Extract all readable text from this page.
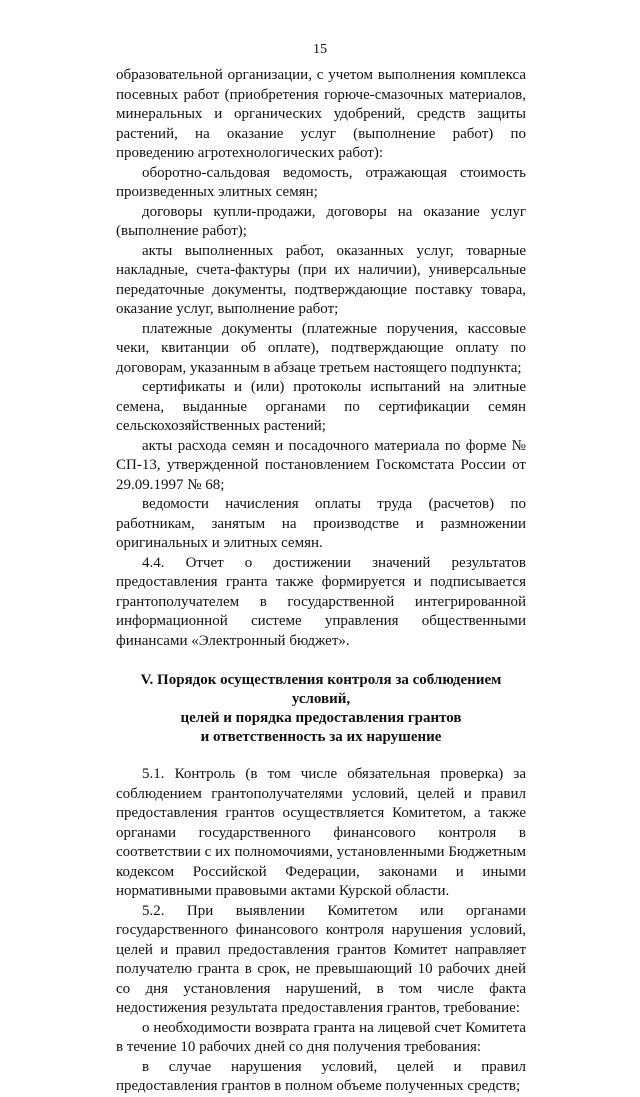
15

образовательной организации, с учетом выполнения комплекса посевных работ (приобретения горюче-смазочных материалов, минеральных и органических удобрений, средств защиты растений, на оказание услуг (выполнение работ) по проведению агротехнологических работ):

оборотно-сальдовая ведомость, отражающая стоимость произведенных элитных семян;

договоры купли-продажи, договоры на оказание услуг (выполнение работ);

акты выполненных работ, оказанных услуг, товарные накладные, счета-фактуры (при их наличии), универсальные передаточные документы, подтверждающие поставку товара, оказание услуг, выполнение работ;

платежные документы (платежные поручения, кассовые чеки, квитанции об оплате), подтверждающие оплату по договорам, указанным в абзаце третьем настоящего подпункта;

сертификаты и (или) протоколы испытаний на элитные семена, выданные органами по сертификации семян сельскохозяйственных растений;

акты расхода семян и посадочного материала по форме № СП-13, утвержденной постановлением Госкомстата России от 29.09.1997 № 68;

ведомости начисления оплаты труда (расчетов) по работникам, занятым на производстве и размножении оригинальных и элитных семян.

4.4. Отчет о достижении значений результатов предоставления гранта также формируется и подписывается грантополучателем в государственной интегрированной информационной системе управления общественными финансами «Электронный бюджет».

V. Порядок осуществления контроля за соблюдением условий,
целей и порядка предоставления грантов
и ответственность за их нарушение

5.1. Контроль (в том числе обязательная проверка) за соблюдением грантополучателями условий, целей и правил предоставления грантов осуществляется Комитетом, а также органами государственного финансового контроля в соответствии с их полномочиями, установленными Бюджетным кодексом Российской Федерации, законами и иными нормативными правовыми актами Курской области.

5.2. При выявлении Комитетом или органами государственного финансового контроля нарушения условий, целей и правил предоставления грантов Комитет направляет получателю гранта в срок, не превышающий 10 рабочих дней со дня установления нарушений, в том числе факта недостижения результата предоставления грантов, требование:

о необходимости возврата гранта на лицевой счет Комитета в течение 10 рабочих дней со дня получения требования:

в случае нарушения условий, целей и правил предоставления грантов в полном объеме полученных средств;
